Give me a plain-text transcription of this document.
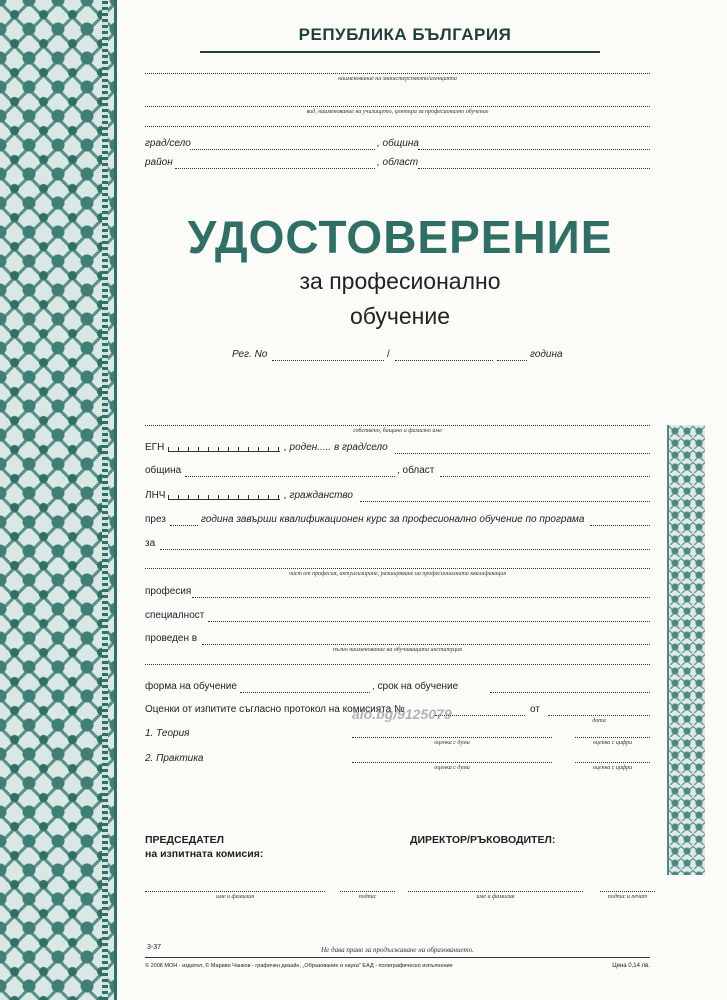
РЕПУБЛИКА БЪЛГАРИЯ
наименование на министерството/агенцията
вид, наименование на училището, центъра за професионално обучение
град/село	, община
район	, област
УДОСТОВЕРЕНИЕ
за професионално
обучение
Рег. No	/	година
собствено, бащино и фамилно име
ЕГН	, роден..... в град/село
община	, област
ЛНЧ	, гражданство
през	година завърши квалификационен курс за професионално обучение по програма
за
част от професия, актуализиране, разширяване на професионалната квалификация
професия
специалност
проведен в
пълно наименование на обучаващата институция
форма на обучение	, срок на обучение
Оценки от изпитите съгласно протокол на комисията №	от
дата
alo.bg/9125079
1. Теория
оценка с думи	оценка с цифри
2. Практика
оценка с думи	оценка с цифри
ПРЕДСЕДАТЕЛ
на изпитната комисия:
ДИРЕКТОР/РЪКОВОДИТЕЛ:
име и фамилия	подпис	име и фамилия	подпис и печат
3-37	Не дава право за продължаване на образованието.
© 2008 МОН - издател, © Маривн Чанков - графичен дизайн, „Образование и наука" ЕАД - полиграфическо изпълнение	Цена 0,14 лв.
